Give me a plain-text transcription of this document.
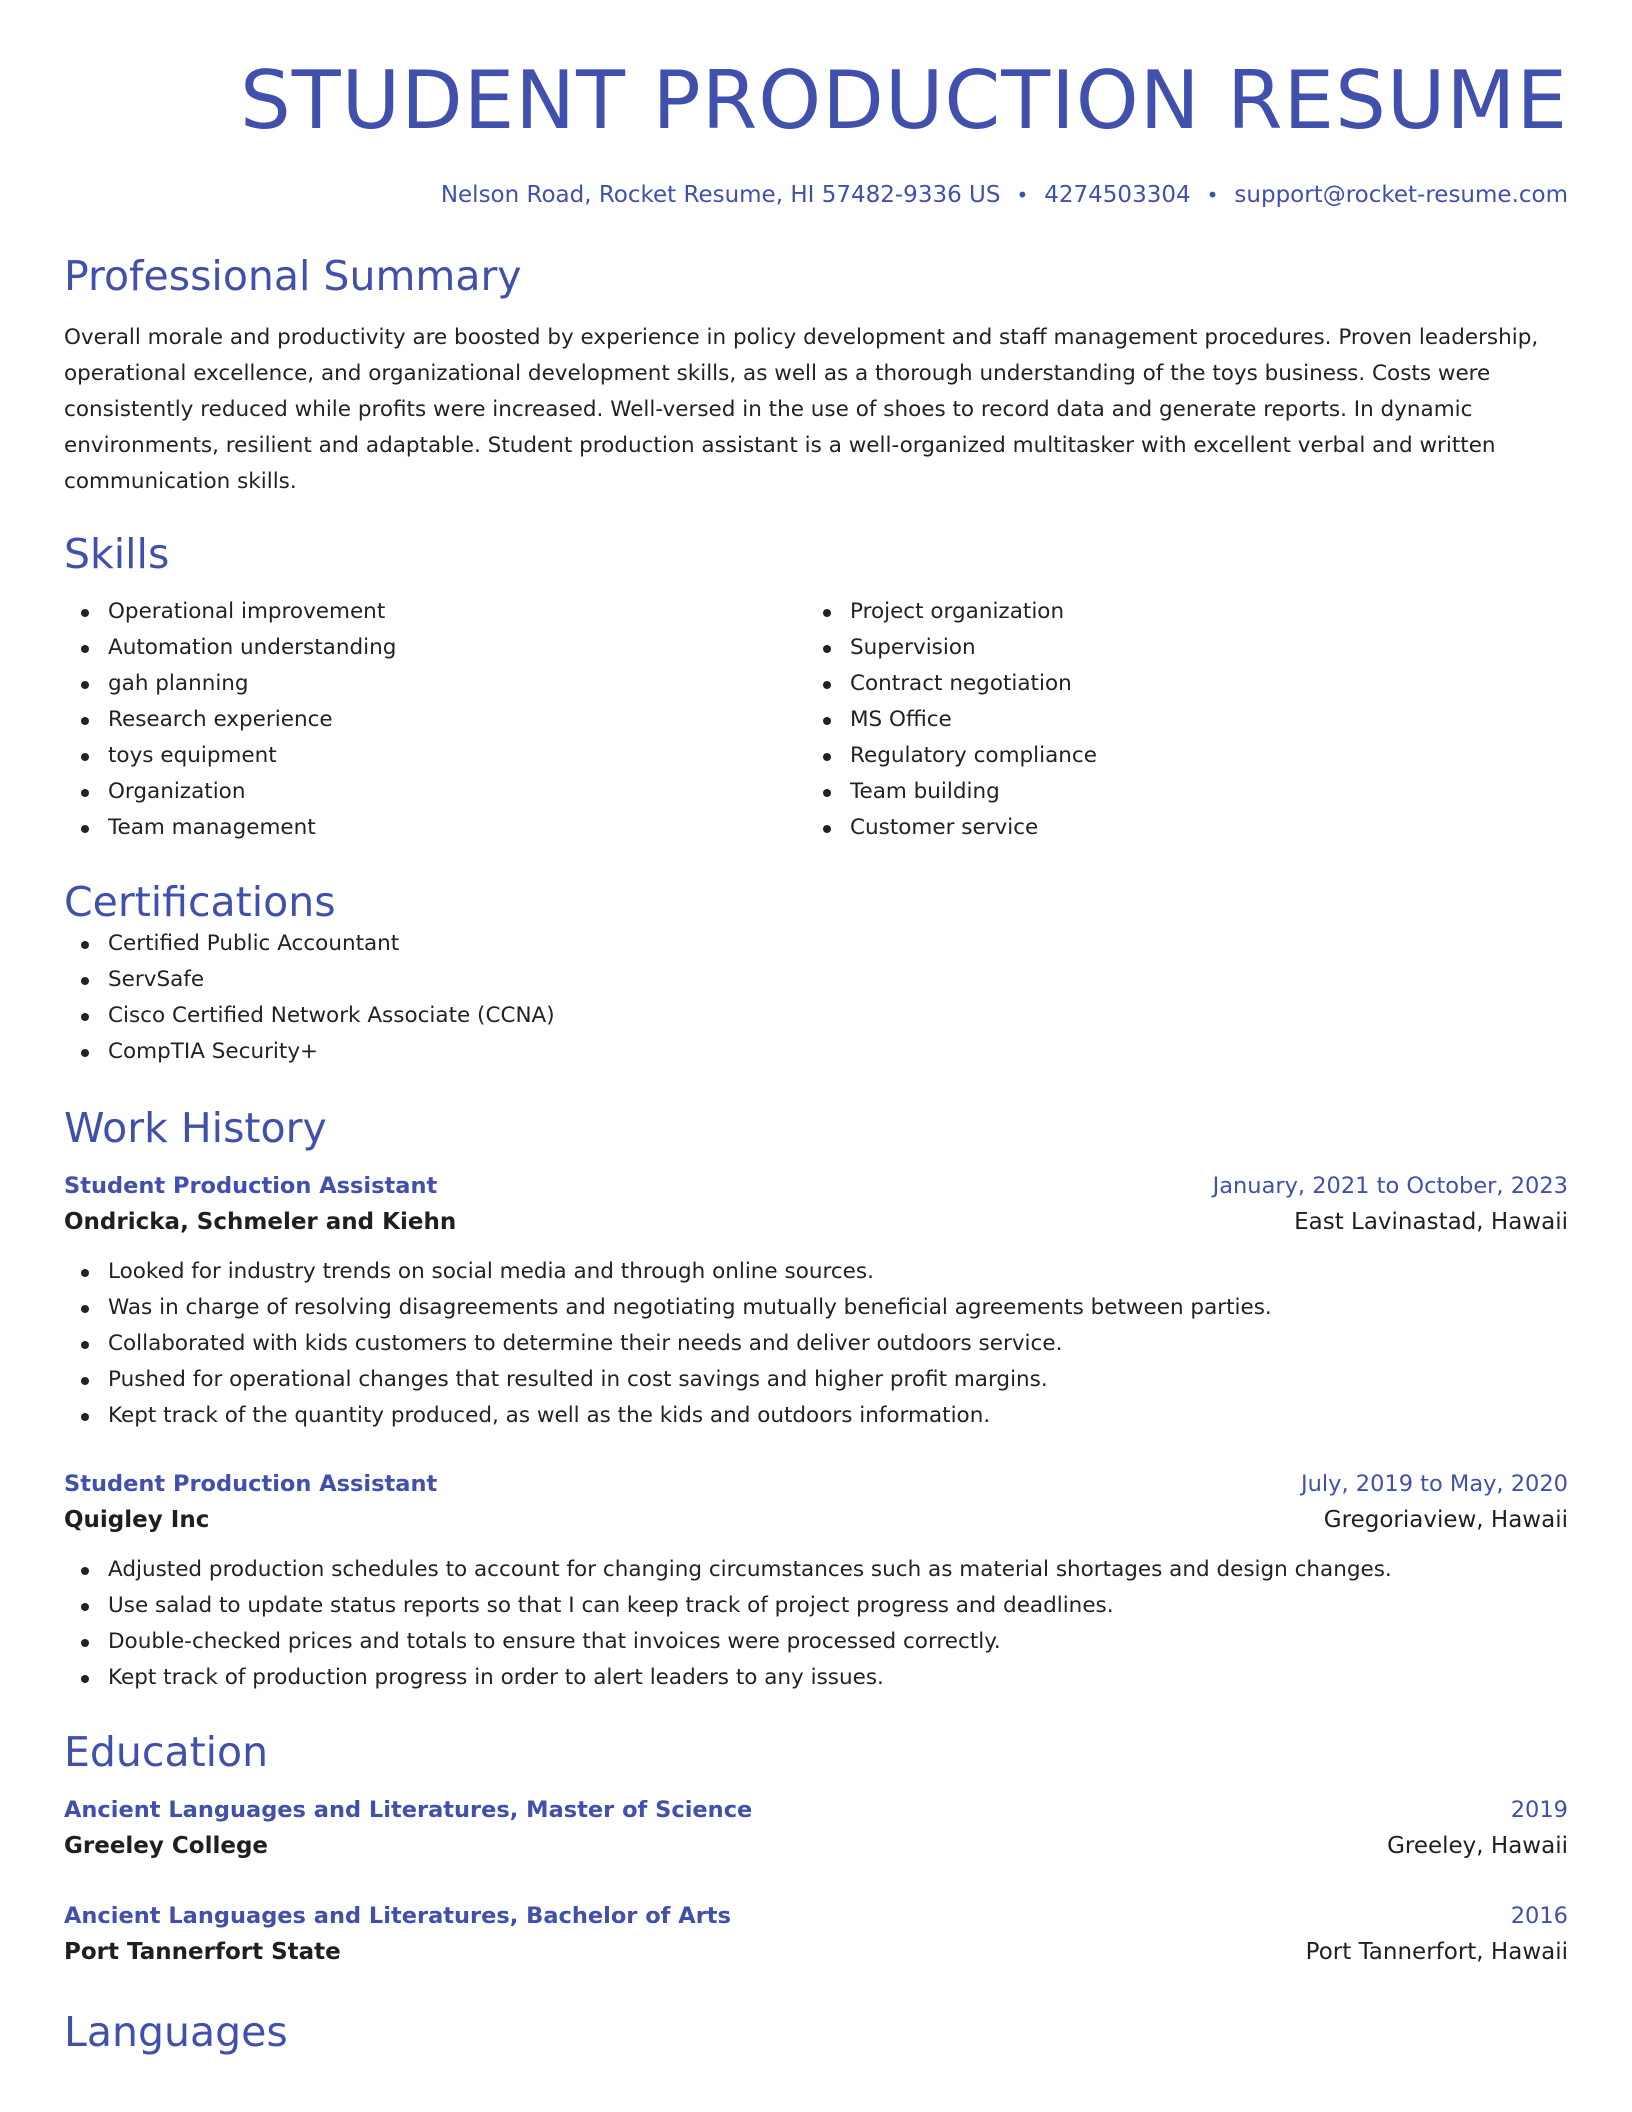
STUDENT PRODUCTION RESUME
Nelson Road, Rocket Resume, HI 57482-9336 US • 4274503304 • support@rocket-resume.com
Professional Summary

Overall morale and productivity are boosted by experience in policy development and staff management procedures. Proven leadership, operational excellence, and organizational development skills, as well as a thorough understanding of the toys business. Costs were consistently reduced while profits were increased. Well-versed in the use of shoes to record data and generate reports. In dynamic environments, resilient and adaptable. Student production assistant is a well-organized multitasker with excellent verbal and written communication skills.

Skills
Operational improvement
Automation understanding
gah planning
Research experience
toys equipment
Organization
Team management
Project organization
Supervision
Contract negotiation
MS Office
Regulatory compliance
Team building
Customer service
Certifications
Certified Public Accountant
ServSafe
Cisco Certified Network Associate (CCNA)
CompTIA Security+
Work History
Student Production Assistant	January, 2021 to October, 2023
Ondricka, Schmeler and Kiehn	East Lavinastad, Hawaii
Looked for industry trends on social media and through online sources.
Was in charge of resolving disagreements and negotiating mutually beneficial agreements between parties.
Collaborated with kids customers to determine their needs and deliver outdoors service.
Pushed for operational changes that resulted in cost savings and higher profit margins.
Kept track of the quantity produced, as well as the kids and outdoors information.
Student Production Assistant	July, 2019 to May, 2020
Quigley Inc	Gregoriaview, Hawaii
Adjusted production schedules to account for changing circumstances such as material shortages and design changes.
Use salad to update status reports so that I can keep track of project progress and deadlines.
Double-checked prices and totals to ensure that invoices were processed correctly.
Kept track of production progress in order to alert leaders to any issues.
Education
Ancient Languages and Literatures, Master of Science	2019
Greeley College	Greeley, Hawaii
Ancient Languages and Literatures, Bachelor of Arts	2016
Port Tannerfort State	Port Tannerfort, Hawaii
Languages
